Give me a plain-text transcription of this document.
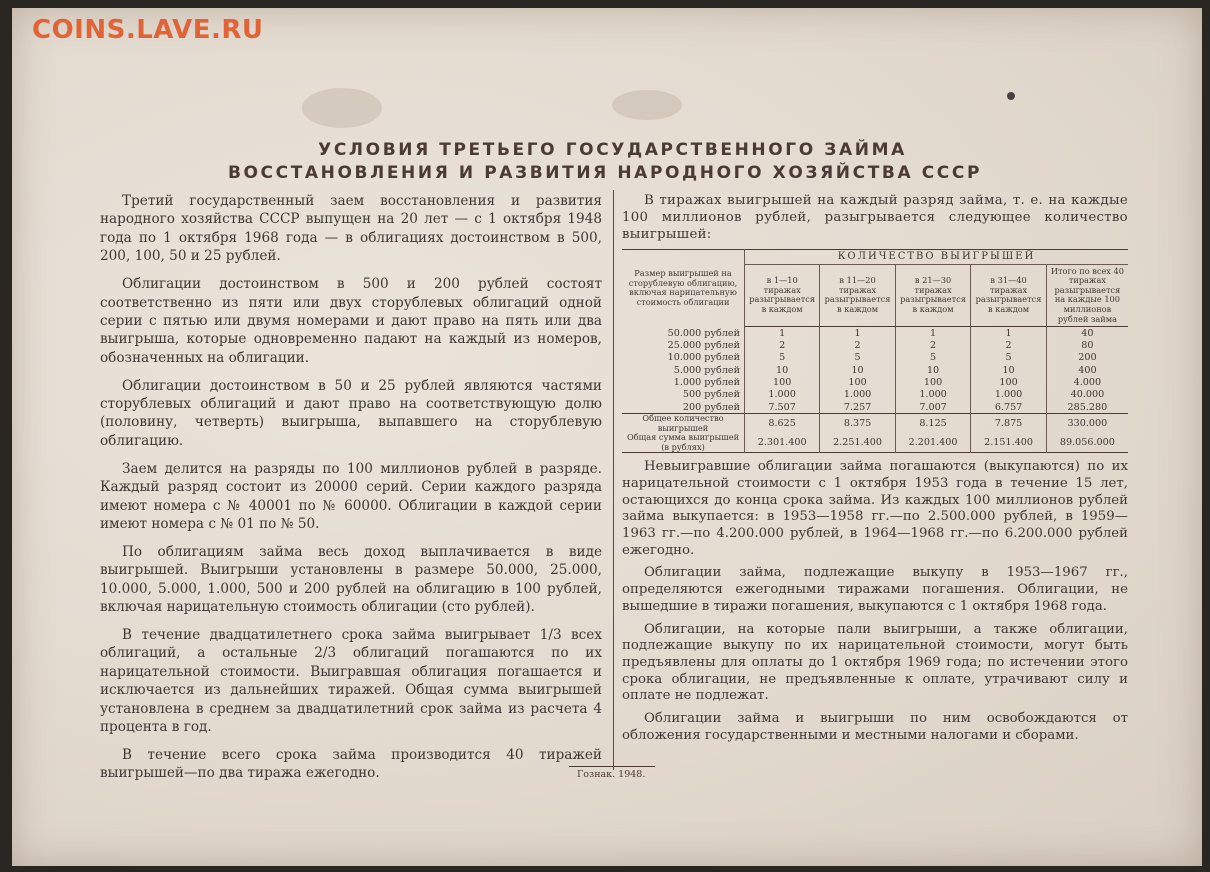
COINS.LAVE.RU
УСЛОВИЯ ТРЕТЬЕГО ГОСУДАРСТВЕННОГО ЗАЙМА
ВОССТАНОВЛЕНИЯ И РАЗВИТИЯ НАРОДНОГО ХОЗЯЙСТВА СССР

Третий государственный заем восстановления и развития народного хозяйства СССР выпущен на 20 лет — с 1 октября 1948 года по 1 октября 1968 года — в облигациях достоинством в 500, 200, 100, 50 и 25 рублей.

Облигации достоинством в 500 и 200 рублей состоят соответственно из пяти или двух сторублевых облигаций одной серии с пятью или двумя номерами и дают право на пять или два выигрыша, которые одновременно падают на каждый из номеров, обозначенных на облигации.

Облигации достоинством в 50 и 25 рублей являются частями сторублевых облигаций и дают право на соответствующую долю (половину, четверть) выигрыша, выпавшего на сторублевую облигацию.

Заем делится на разряды по 100 миллионов рублей в разряде. Каждый разряд состоит из 20000 серий. Серии каждого разряда имеют номера с № 40001 по № 60000. Облигации в каждой серии имеют номера с № 01 по № 50.

По облигациям займа весь доход выплачивается в виде выигрышей. Выигрыши установлены в размере 50.000, 25.000, 10.000, 5.000, 1.000, 500 и 200 рублей на облигацию в 100 рублей, включая нарицательную стоимость облигации (сто рублей).

В течение двадцатилетнего срока займа выигрывает 1/3 всех облигаций, а остальные 2/3 облигаций погашаются по их нарицательной стоимости. Выигравшая облигация погашается и исключается из дальнейших тиражей. Общая сумма выигрышей установлена в среднем за двадцатилетний срок займа из расчета 4 процента в год.

В течение всего срока займа производится 40 тиражей выигрышей—по два тиража ежегодно.

В тиражах выигрышей на каждый разряд займа, т. е. на каждые 100 миллионов рублей, разыгрывается следующее количество выигрышей:

Размер выигрышей на сторублевую облигацию, включая нарицательную стоимость облигации	КОЛИЧЕСТВО ВЫИГРЫШЕЙ				
	в 1—10 тиражах разыгрывается в каждом	в 11—20 тиражах разыгрывается в каждом	в 21—30 тиражах разыгрывается в каждом	в 31—40 тиражах разыгрывается в каждом	Итого по всех 40 тиражах разыгрывается на каждые 100 миллионов рублей займа
50.000 рублей	1	1	1	1	40
25.000 рублей	2	2	2	2	80
10.000 рублей	5	5	5	5	200
5.000 рублей	10	10	10	10	400
1.000 рублей	100	100	100	100	4.000
500 рублей	1.000	1.000	1.000	1.000	40.000
200 рублей	7.507	7.257	7.007	6.757	285.280
Общее количество выигрышей	8.625	8.375	8.125	7.875	330.000
Общая сумма выигрышей (в рублях)	2.301.400	2.251.400	2.201.400	2.151.400	89.056.000

Невыигравшие облигации займа погашаются (выкупаются) по их нарицательной стоимости с 1 октября 1953 года в течение 15 лет, остающихся до конца срока займа. Из каждых 100 миллионов рублей займа выкупается: в 1953—1958 гг.—по 2.500.000 рублей, в 1959—1963 гг.—по 4.200.000 рублей, в 1964—1968 гг.—по 6.200.000 рублей ежегодно.

Облигации займа, подлежащие выкупу в 1953—1967 гг., определяются ежегодными тиражами погашения. Облигации, не вышедшие в тиражи погашения, выкупаются с 1 октября 1968 года.

Облигации, на которые пали выигрыши, а также облигации, подлежащие выкупу по их нарицательной стоимости, могут быть предъявлены для оплаты до 1 октября 1969 года; по истечении этого срока облигации, не предъявленные к оплате, утрачивают силу и оплате не подлежат.

Облигации займа и выигрыши по ним освобождаются от обложения государственными и местными налогами и сборами.

Гознак. 1948.
